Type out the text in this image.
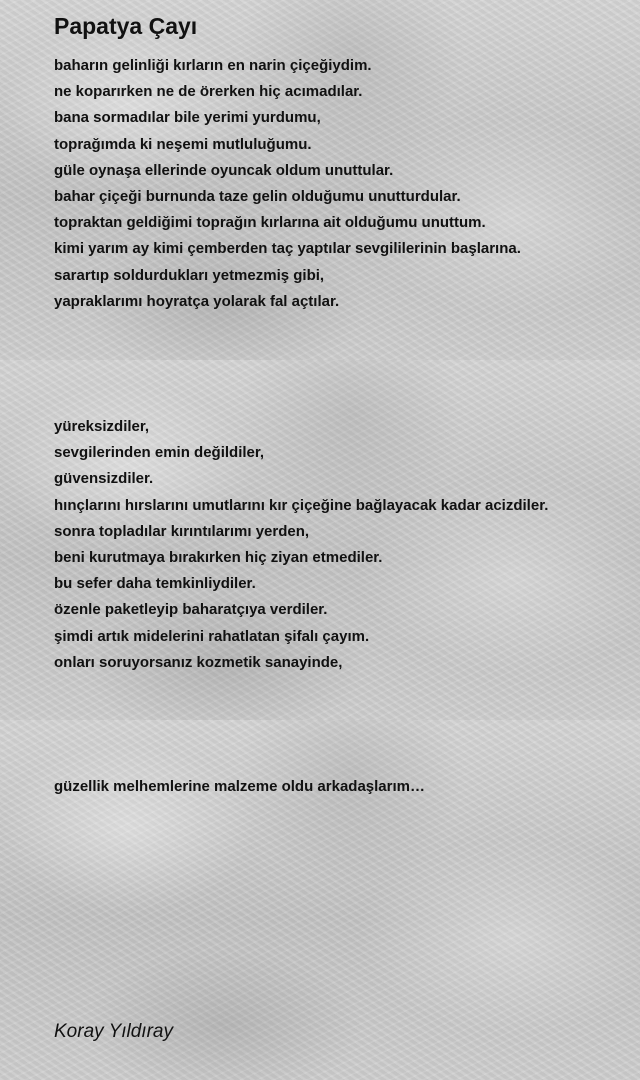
Papatya Çayı
baharın gelinliği kırların en narin çiçeğiydim.
ne koparırken ne de örerken hiç acımadılar.
bana sormadılar bile yerimi yurdumu,
toprağımda ki neşemi mutluluğumu.
güle oynaşa ellerinde oyuncak oldum unuttular.
bahar çiçeği burnunda taze gelin olduğumu unutturdular.
topraktan geldiğimi toprağın kırlarına ait olduğumu unuttum.
kimi yarım ay kimi çemberden taç yaptılar sevgililerinin başlarına.
sarartıp soldurdukları yetmezmiş gibi,
yapraklarımı hoyratça yolarak fal açtılar.
yüreksizdiler,
sevgilerinden emin değildiler,
güvensizdiler.
hınçlarını hırslarını umutlarını kır çiçeğine bağlayacak kadar acizdiler.
sonra topladılar kırıntılarımı yerden,
beni kurutmaya bırakırken hiç ziyan etmediler.
bu sefer daha temkinliydiler.
özenle paketleyip baharatçıya verdiler.
şimdi artık midelerini rahatlatan şifalı çayım.
onları soruyorsanız kozmetik sanayinde,
güzellik melhemlerine malzeme oldu arkadaşlarım…

Koray Yıldıray
